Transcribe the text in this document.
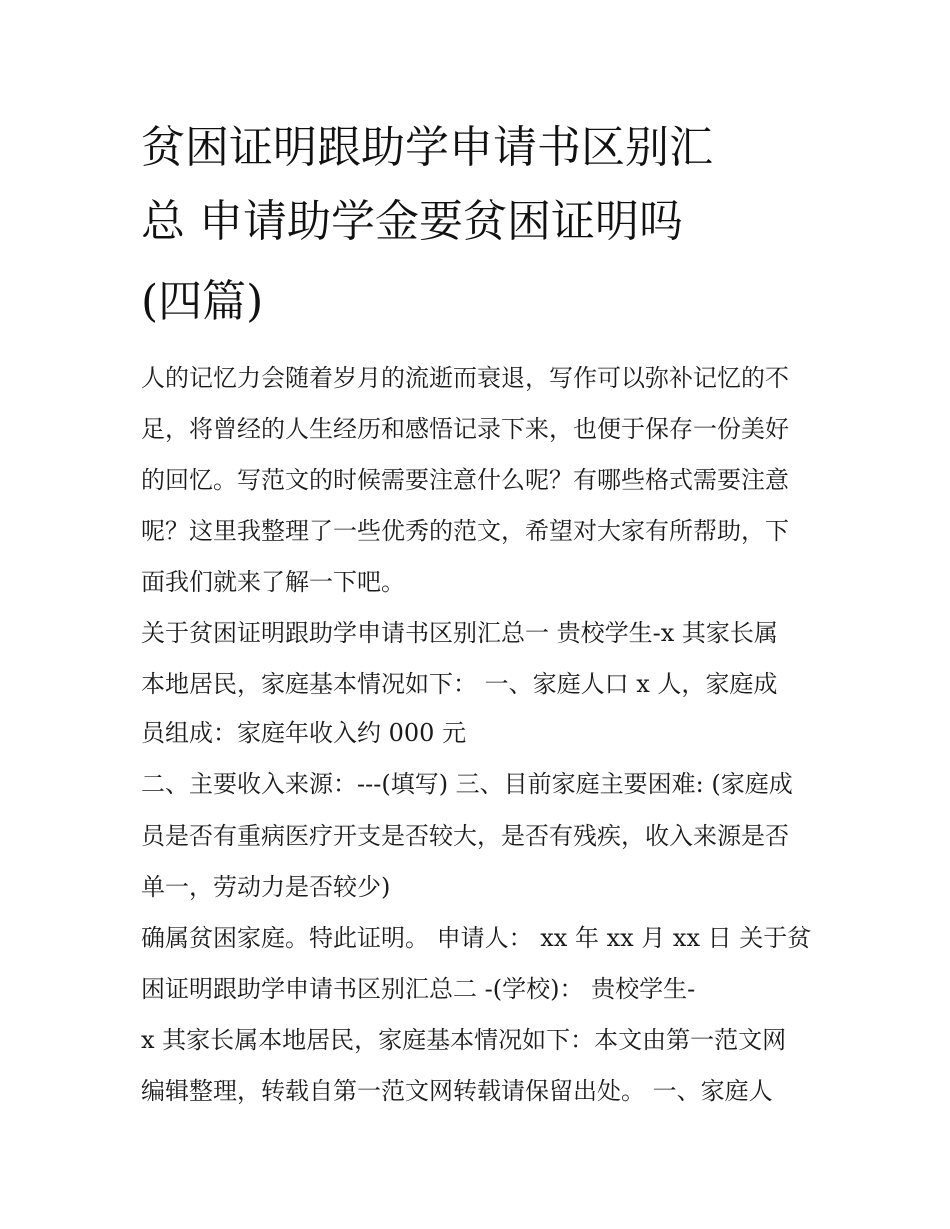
贫困证明跟助学申请书区别汇
总 申请助学金要贫困证明吗
(四篇)
人的记忆力会随着岁月的流逝而衰退，写作可以弥补记忆的不
足，将曾经的人生经历和感悟记录下来，也便于保存一份美好
的回忆。写范文的时候需要注意什么呢？有哪些格式需要注意
呢？这里我整理了一些优秀的范文，希望对大家有所帮助，下
面我们就来了解一下吧。
关于贫困证明跟助学申请书区别汇总一 贵校学生-x 其家长属
本地居民，家庭基本情况如下： 一、家庭人口 x 人，家庭成
员组成：家庭年收入约 000 元
二、主要收入来源：---(填写) 三、目前家庭主要困难: (家庭成
员是否有重病医疗开支是否较大，是否有残疾，收入来源是否
单一，劳动力是否较少)
确属贫困家庭。特此证明。 申请人： xx 年 xx 月 xx 日 关于贫
困证明跟助学申请书区别汇总二 -(学校)： 贵校学生-
x 其家长属本地居民，家庭基本情况如下：本文由第一范文网
编辑整理，转载自第一范文网转载请保留出处。 一、家庭人
